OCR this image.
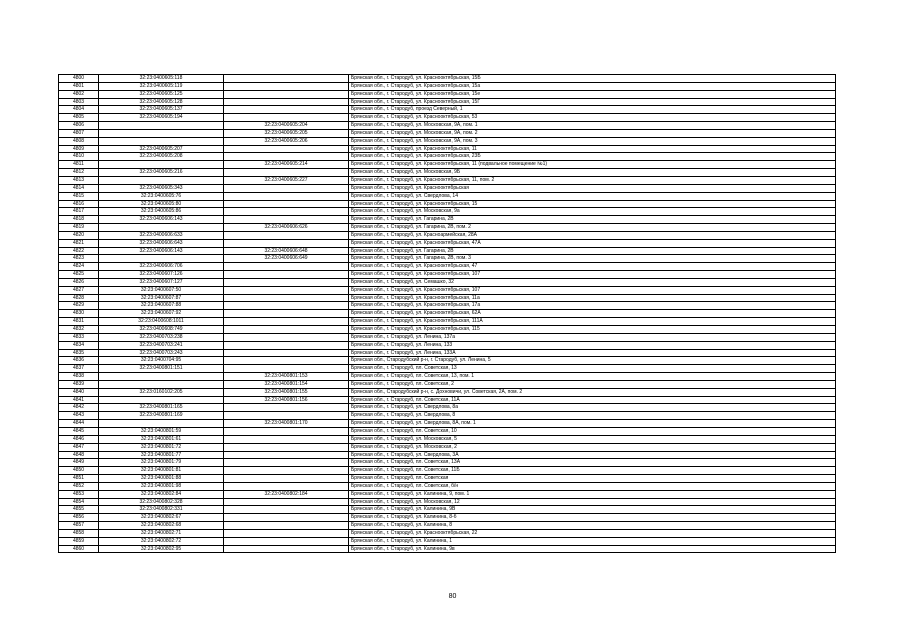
4800	32:23:0400605:118		Брянская обл., г. Стародуб, ул. Красноoктябрьская, 15Б
4801	32:23:0400605:119		Брянская обл., г. Стародуб, ул. Красноoктябрьская, 15а
4802	32:23:0400605:125		Брянская обл., г. Стародуб, ул. Красноoктябрьская, 15е
4803	32:23:0400605:128		Брянская обл., г. Стародуб, ул. Красноoктябрьская, 15Г
4804	32:23:0400605:137		Брянская обл., г. Стародуб, проезд Северный, 1
4805	32:23:0400605:194		Брянская обл., г. Стародуб, ул. Красноoктябрьская, 53
4806		32:23:0400605:204	Брянская обл., г. Стародуб, ул. Московская, 9А, пом. 1
4807		32:23:0400605:205	Брянская обл., г. Стародуб, ул. Московская, 9А, пом. 2
4808		32:23:0400605:206	Брянская обл., г. Стародуб, ул. Московская, 9А, пом. 3
4809	32:23:0400605:207		Брянская обл., г. Стародуб, ул. Красноoктябрьская, 11
4810	32:23:0400605:208		Брянская обл., г. Стародуб, ул. Красноoктябрьская, 23Б
4811		32:23:0400605:214	Брянская обл., г. Стародуб, ул. Красноoктябрьская, 11 (подвальное помещение №1)
4812	32:23:0400605:216		Брянская обл., г. Стародуб, ул. Московская, 9Б
4813		32:23:0400605:227	Брянская обл., г. Стародуб, ул. Красноoктябрьская, 11, пом. 2
4814	32:23:0400605:343		Брянская обл., г. Стародуб, ул. Красноoктябрьская
4815	32:23:0400605:76		Брянская обл., г. Стародуб, ул. Свердлова, 14
4816	32:23:0400605:80		Брянская обл., г. Стародуб, ул. Красноoктябрьская, 15
4817	32:23:0400605:86		Брянская обл., г. Стародуб, ул. Московская, 9а
4818	32:23:0400606:143		Брянская обл., г. Стародуб, ул. Гагарина, 2В
4819		32:23:0400606:626	Брянская обл., г. Стародуб, ул. Гагарина, 2В, пом. 2
4820	32:23:0400606:633		Брянская обл., г. Стародуб, ул. Красноармейская, 28А
4821	32:23:0400606:643		Брянская обл., г. Стародуб, ул. Красноoктябрьская, 47А
4822	32:23:0400606:143	32:23:0400606:648	Брянская обл., г. Стародуб, ул. Гагарина, 2В
4823		32:23:0400606:649	Брянская обл., г. Стародуб, ул. Гагарина, 2В, пом. 3
4824	32:23:0400606:706		Брянская обл., г. Стародуб, ул. Красноoктябрьская, 47
4825	32:23:0400607:126		Брянская обл., г. Стародуб, ул. Красноoктябрьская, 107
4826	32:23:0400607:127		Брянская обл., г. Стародуб, ул. Семашко, 32
4827	32:23:0400607:50		Брянская обл., г. Стародуб, ул. Красноoктябрьская, 107
4828	32:23:0400607:87		Брянская обл., г. Стародуб, ул. Красноoктябрьская, 11а
4829	32:23:0400607:88		Брянская обл., г. Стародуб, ул. Красноoктябрьская, 17а
4830	32:23:0400607:92		Брянская обл., г. Стародуб, ул. Красноoктябрьская, 62А
4831	32:23:0400608:1011		Брянская обл., г. Стародуб, ул. Красноoктябрьская, 111А
4832	32:23:0400608:749		Брянская обл., г. Стародуб, ул. Красноoктябрьская, 115
4833	32:23:0400703:238		Брянская обл., г. Стародуб, ул. Ленина, 137а
4834	32:23:0400703:241		Брянская обл., г. Стародуб, ул. Ленина, 133
4835	32:23:0400703:243		Брянская обл., г. Стародуб, ул. Ленина, 133А
4836	32:23:0400704:95		Брянская обл., Стародубский р-н, г. Стародуб, ул. Ленина, 5
4837	32:23:0400801:151		Брянская обл., г. Стародуб, пл. Советская, 13
4838		32:23:0400801:153	Брянская обл., г. Стародуб, пл. Советская, 13, пом. 1
4839		32:23:0400801:154	Брянская обл., г. Стародуб, пл. Советская, 2
4840	32:23:0160102:205	32:23:0400801:155	Брянская обл., Стародубский р-н, с. Дохновичи, ул. Советская, 2А, пом. 2
4841		32:23:0400801:156	Брянская обл., г. Стародуб, пл. Советская, 11А
4842	32:23:0400801:165		Брянская обл., г. Стародуб, ул. Свердлова, 8а
4843	32:23:0400801:169		Брянская обл., г. Стародуб, ул. Свердлова, 8
4844		32:23:0400801:170	Брянская обл., г. Стародуб, ул. Свердлова, 8А, пом. 1
4845	32:23:0400801:59		Брянская обл., г. Стародуб, пл. Советская, 10
4846	32:23:0400801:61		Брянская обл., г. Стародуб, ул. Московская, 5
4847	32:23:0400801:72		Брянская обл., г. Стародуб, ул. Московская, 2
4848	32:23:0400801:77		Брянская обл., г. Стародуб, ул. Свердлова, 3А
4849	32:23:0400801:79		Брянская обл., г. Стародуб, пл. Советская, 13А
4850	32:23:0400801:81		Брянская обл., г. Стародуб, пл. Советская, 11Б
4851	32:23:0400801:88		Брянская обл., г. Стародуб, пл. Советская
4852	32:23:0400801:98		Брянская обл., г. Стародуб, пл. Советская, б/н
4853	32:23:0400802:84	32:23:0400802:184	Брянская обл., г. Стародуб, ул. Калинина, 9, пом. 1
4854	32:23:0400802:328		Брянская обл., г. Стародуб, ул. Московская, 12
4855	32:23:0400802:331		Брянская обл., г. Стародуб, ул. Калинина, 9В
4856	32:23:0400802:67		Брянская обл., г. Стародуб, ул. Калинина, 8-б
4857	32:23:0400802:68		Брянская обл., г. Стародуб, ул. Калинина, 8
4858	32:23:0400802:71		Брянская обл., г. Стародуб, ул. Красноoктябрьская, 22
4859	32:23:0400802:72		Брянская обл., г. Стародуб, ул. Калинина, 1
4860	32:23:0400802:95		Брянская обл., г. Стародуб, ул. Калинина, 9в
80
